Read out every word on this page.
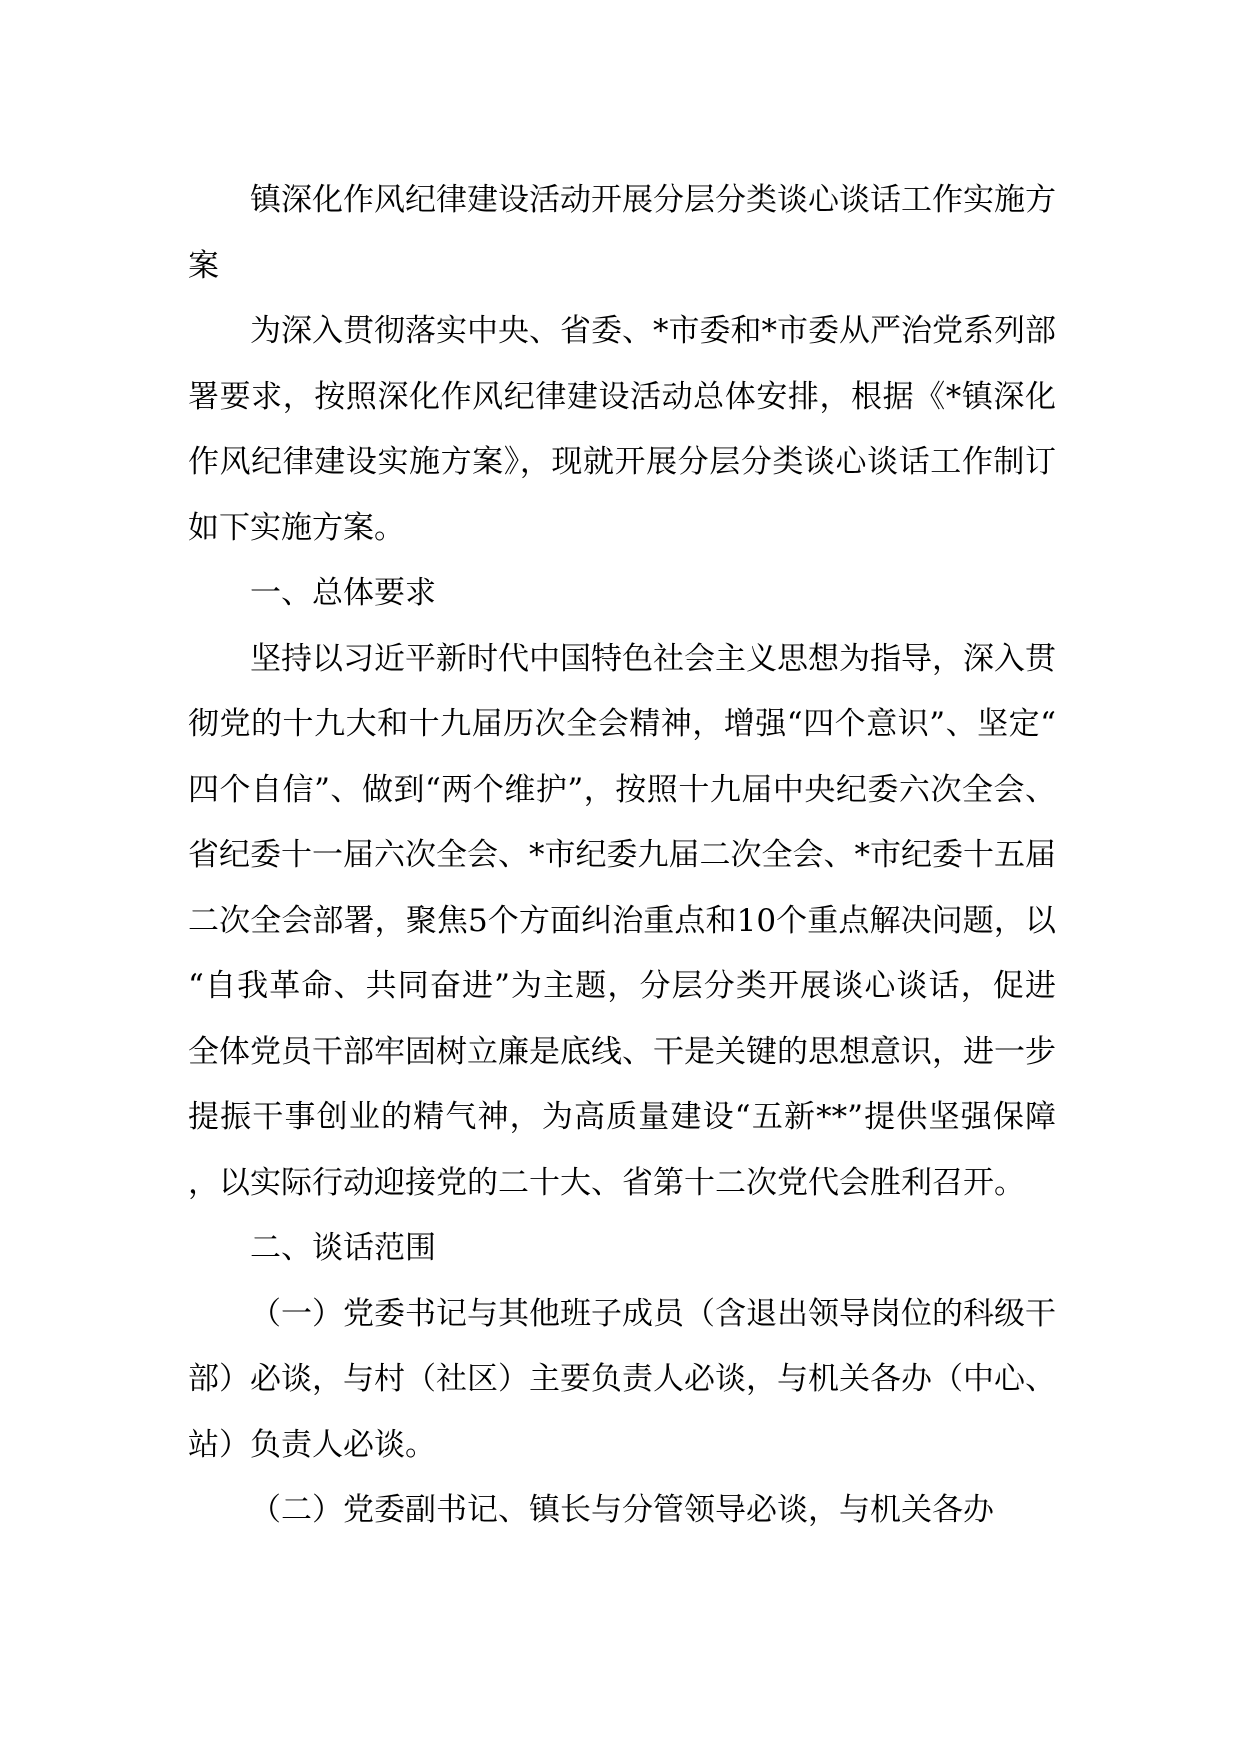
镇深化作风纪律建设活动开展分层分类谈心谈话工作实施方案

为深入贯彻落实中央、省委、*市委和*市委从严治党系列部署要求，按照深化作风纪律建设活动总体安排，根据《*镇深化作风纪律建设实施方案》，现就开展分层分类谈心谈话工作制订如下实施方案。

一、总体要求

坚持以习近平新时代中国特色社会主义思想为指导，深入贯彻党的十九大和十九届历次全会精神，增强“四个意识”、坚定“四个自信”、做到“两个维护”，按照十九届中央纪委六次全会、省纪委十一届六次全会、*市纪委九届二次全会、*市纪委十五届二次全会部署，聚焦5个方面纠治重点和10个重点解决问题，以“自我革命、共同奋进”为主题，分层分类开展谈心谈话，促进全体党员干部牢固树立廉是底线、干是关键的思想意识，进一步提振干事创业的精气神，为高质量建设“五新**”提供坚强保障，以实际行动迎接党的二十大、省第十二次党代会胜利召开。

二、谈话范围

（一）党委书记与其他班子成员（含退出领导岗位的科级干部）必谈，与村（社区）主要负责人必谈，与机关各办（中心、站）负责人必谈。

（二）党委副书记、镇长与分管领导必谈，与机关各办
